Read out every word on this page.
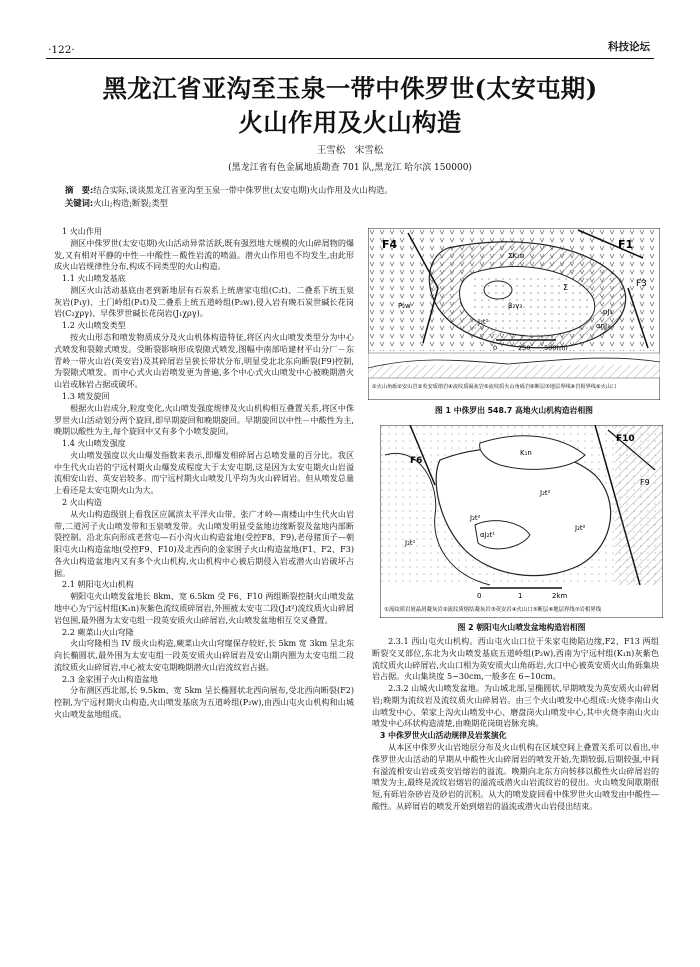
·122·	科技论坛
黑龙江省亚沟至玉泉一带中侏罗世(太安屯期)
火山作用及火山构造
王雪松　宋雪松
(黑龙江省有色金属地质勘查 701 队,黑龙江 哈尔滨 150000)
摘　要:结合实际,谈谈黑龙江省亚沟至玉泉一带中侏罗世(太安屯期)火山作用及火山构造。
关键词:火山;构造;断裂;类型

1 火山作用

测区中侏罗世(太安屯期)火山活动异常活跃,既有强烈地大规模的火山碎屑物的爆发,又有相对平静的中性－中酸性－酸性岩流的喷溢。潜火山作用也不均发生,由此形成火山岩规律性分布,构成不同类型的火山构造。

1.1 火山喷发基底

测区火山活动基底由老到新地层有石炭系上统唐家屯组(C₂t)、二叠系下统玉泉灰岩(P₁y)、土门岭组(P₁t)及二叠系上统五道岭组(P₂w),侵入岩有晚石炭世碱长花岗岩(C₂χργ)、早侏罗世碱长花岗岩(J₁χργ)。

1.2 火山喷发类型

按火山形态和喷发物质成分及火山机体构造特征,将区内火山喷发类型分为中心式喷发和裂隙式喷发。受断裂影响形成裂隙式喷发,图幅中南部哈建材平山分厂－东青岭一带火山岩(英安岩)及其碎屑岩呈狭长带状分布,明显受北北东向断裂(F9)控制,为裂隙式喷发。而中心式火山岩喷发更为普遍,多个中心式火山喷发中心被晚期潜火山岩或脉岩占据或破坏。

1.3 喷发旋回

根据火山岩成分,粒度变化,火山喷发强度规律及火山机构相互叠置关系,将区中侏罗世火山活动划分两个旋回,即早期旋回和晚期旋回。早期旋回以中性－中酸性为主,晚期以酸性为主,每个旋回中又有多个小喷发旋回。

1.4 火山喷发强度

火山喷发强度以火山爆发指数来表示,即爆发相碎屑占总喷发量的百分比。我区中生代火山岩的宁远村期火山爆发成程度大于太安屯期,这是因为太安屯期火山岩溢流相安山岩、英安岩较多。而宁远村期火山喷发几乎均为火山碎屑岩。但从喷发总量上看还是太安屯期火山为大。

2 火山构造

从火山构造级别上看我区应属滨太平洋火山带、张广才岭—南楼山中生代火山岩带,二道河子火山喷发带和玉泉喷发带。火山喷发明显受盆地边缘断裂及盆地内部断裂控制。沿北东向形成老营屯—石小沟火山构造盆地(受控F8、F9),老母猪顶子—朝阳屯火山构造盆地(受控F9、F10)及北西向的金家围子火山构造盆地(F1、F2、F3)各火山构造盆地内又有多个火山机构,火山机构中心被后期侵入岩或潜火山岩破坏占据。

2.1 朝阳屯火山机构

朝阳屯火山喷发盆地长 8km、宽 6.5km 受 F6、F10 两组断裂控制火山喷发盆地中心为宁远村组(K₁n)灰紫色流纹质碎屑岩,外围被太安屯二段(J₂t²)流纹质火山碎屑岩包围,最外圈为太安屯组一段英安质火山碎屑岩,火山喷发盆地相互交叉叠置。

2.2 蕨菜山火山穹隆

火山穹隆相当 IV 级火山构造,蕨菜山火山穹窿保存较好,长 5km 宽 3km 呈北东向长椭圆状,最外围为太安屯组一段英安质火山碎屑岩及安山期内圈为太安屯组二段流纹质火山碎屑岩,中心被太安屯期晚期潜火山岩流纹岩占据。

2.3 金家围子火山构造盆地

分布测区西北部,长 9.5km、宽 5km 呈长椭圆状北西向展布,受北西向断裂(F2)控制,为宁远村期火山构造,火山喷发基底为五道岭组(P₂w),由西山屯火山机构和山城火山喷发盆地组成。

2.3.1 西山屯火山机构。西山屯火山口位于朱家屯拗陷边缘,F2、F13 两组断裂交叉部位,东北为火山喷发基底五道岭组(P₂w),西南为宁远村组(K₁n)灰紫色流纹质火山碎屑岩,火山口相为英安质火山角砾岩,火口中心被英安质火山角砾集块岩占据。火山集块度 5~30cm,一般多在 6~10cm。

2.3.2 山城火山喷发盆地。为山城北部,呈椭圆状,早期喷发为英安质火山碎屑岩;晚期为流纹岩及流纹质火山碎屑岩。由三个火山喷发中心组成:火烧李南山火山喷发中心、荣家上沟火山喷发中心、磨盘岗火山喷发中心,其中火烧李南山火山喷发中心环状构造清楚,由晚期花岗斑岩脉充填。

3 中侏罗世火山活动规律及岩浆演化

从本区中侏罗火山岩地层分布及火山机构在区域空间上叠置关系可以看出,中侏罗世火山活动的早期从中酸性火山碎屑岩的喷发开始,先期较弱,后期较强,中间有溢流相安山岩或英安岩熔岩的溢流。晚期向北东方向转移以酸性火山碎屑岩的喷发为主,最终是流纹岩熔岩的溢流或潜火山岩流纹岩的侵出。火山喷发间歇期很短,有砾岩杂砂岩及砂岩的沉积。从大的喷发旋回看中侏罗世火山喷发由中酸性—酸性。从碎屑岩的喷发开始到熔岩的溢流或潜火山岩侵出结束。

F4	F1
F3
ΣK₁n
β₂γ₃
J₂t¹
ρJ₃
αηJ₃
P₂w
Σ
0	250 500(m)
①火山角砾②安山岩③英安质熔岩④流纹质凝灰岩⑤流纹质火山角砾岩⑥断层⑦地层界线⑧岩相界线⑨火山口
图 1 中侏罗出 548.7 高地火山机构造岩相图
F6
F10
F9
K₁n
J₂t²
J₂t¹
J₂t²
αJ₂t¹
J₂t²
0	1	2km
①流纹质岩屑晶屑凝灰岩②流纹质熔结凝灰岩③英安岩④火山口⑤断层⑥地层界线⑦岩相界线
图 2 朝阳屯火山喷发盆地构造岩相图
